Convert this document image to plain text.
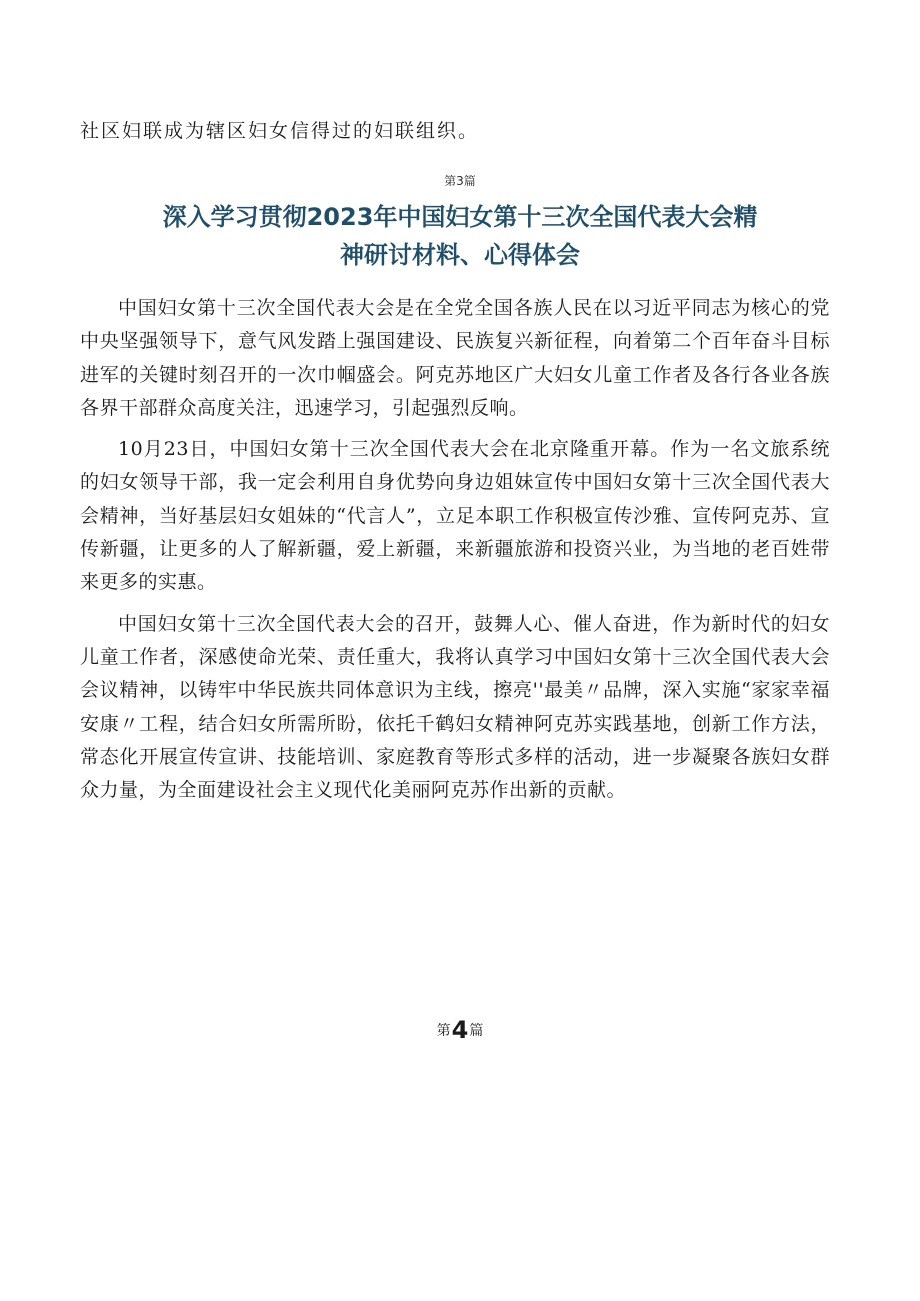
社区妇联成为辖区妇女信得过的妇联组织。
第3篇
深入学习贯彻2023年中国妇女第十三次全国代表大会精
神研讨材料、心得体会

中国妇女第十三次全国代表大会是在全党全国各族人民在以习近平同志为核心的党中央坚强领导下，意气风发踏上强国建设、民族复兴新征程，向着第二个百年奋斗目标进军的关键时刻召开的一次巾帼盛会。阿克苏地区广大妇女儿童工作者及各行各业各族各界干部群众高度关注，迅速学习，引起强烈反响。

10月23日，中国妇女第十三次全国代表大会在北京隆重开幕。作为一名文旅系统的妇女领导干部，我一定会利用自身优势向身边姐妹宣传中国妇女第十三次全国代表大会精神，当好基层妇女姐妹的“代言人”，立足本职工作积极宣传沙雅、宣传阿克苏、宣传新疆，让更多的人了解新疆，爱上新疆，来新疆旅游和投资兴业，为当地的老百姓带来更多的实惠。

中国妇女第十三次全国代表大会的召开，鼓舞人心、催人奋进，作为新时代的妇女儿童工作者，深感使命光荣、责任重大，我将认真学习中国妇女第十三次全国代表大会会议精神，以铸牢中华民族共同体意识为主线，擦亮''最美〃品牌，深入实施“家家幸福安康〃工程，结合妇女所需所盼，依托千鹤妇女精神阿克苏实践基地，创新工作方法，常态化开展宣传宣讲、技能培训、家庭教育等形式多样的活动，进一步凝聚各族妇女群众力量，为全面建设社会主义现代化美丽阿克苏作出新的贡献。

第4篇
